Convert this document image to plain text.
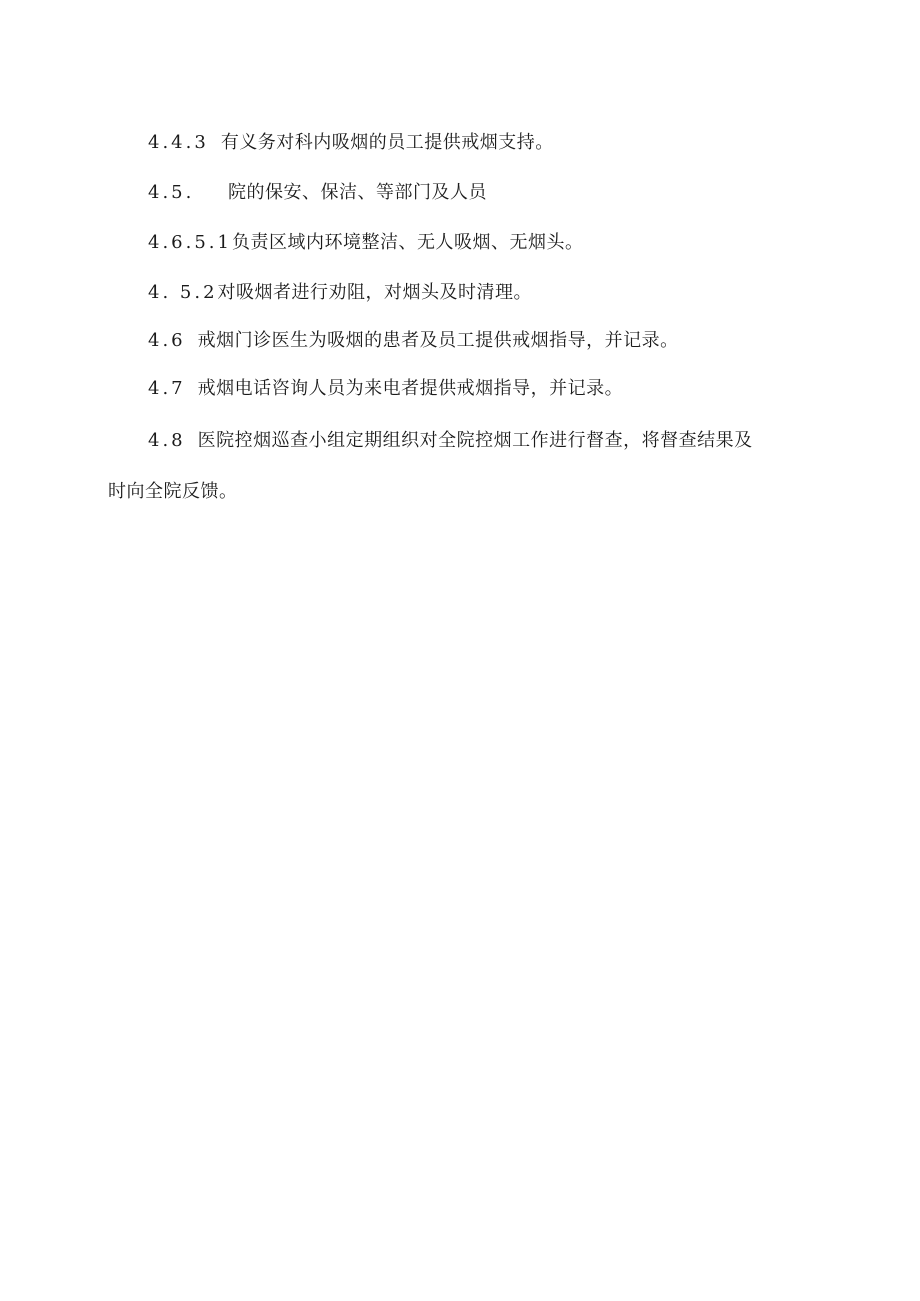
4.4.3 有义务对科内吸烟的员工提供戒烟支持。
4.5. 院的保安、保洁、等部门及人员
4.6.5.1负责区域内环境整洁、无人吸烟、无烟头。
4. 5.2对吸烟者进行劝阻，对烟头及时清理。
4.6 戒烟门诊医生为吸烟的患者及员工提供戒烟指导，并记录。
4.7 戒烟电话咨询人员为来电者提供戒烟指导，并记录。
4.8 医院控烟巡查小组定期组织对全院控烟工作进行督查，将督查结果及
时向全院反馈。
